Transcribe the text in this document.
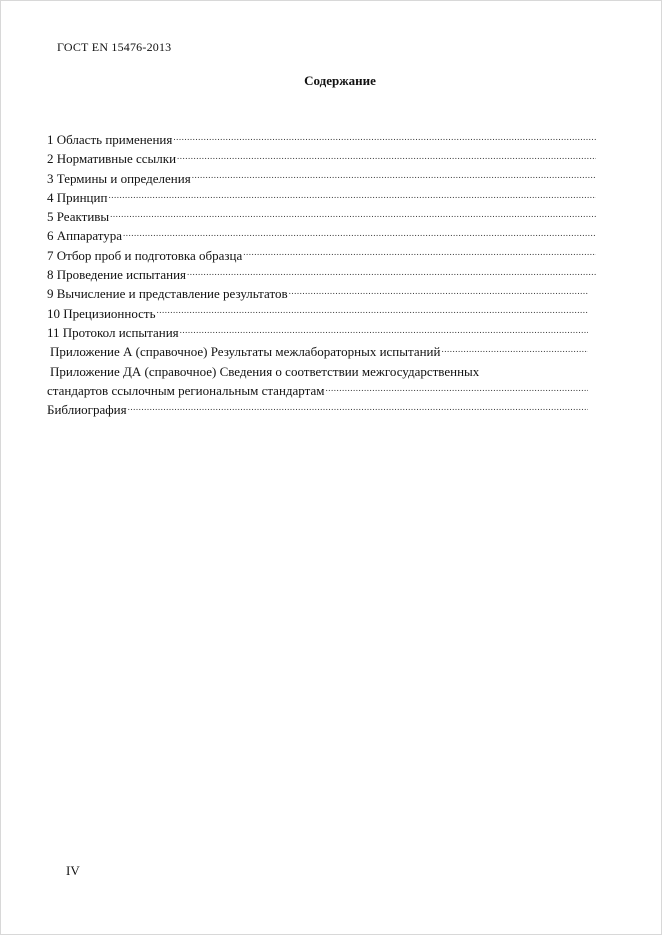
ГОСТ EN 15476-2013
Содержание
1 Область применения
.....
2 Нормативные ссылки
.....
3 Термины и определения
.....
4 Принцип
.....
5 Реактивы
.....
6 Аппаратура
.....
7 Отбор проб и подготовка образца
.....
8 Проведение испытания
.....
9 Вычисление и представление результатов
.....
10 Прецизионность
.....
11 Протокол испытания
.....
Приложение А (справочное) Результаты межлабораторных испытаний
.....
Приложение ДА (справочное) Сведения о соответствии межгосударственных
стандартов ссылочным региональным стандартам
.....
Библиография
.....
IV
